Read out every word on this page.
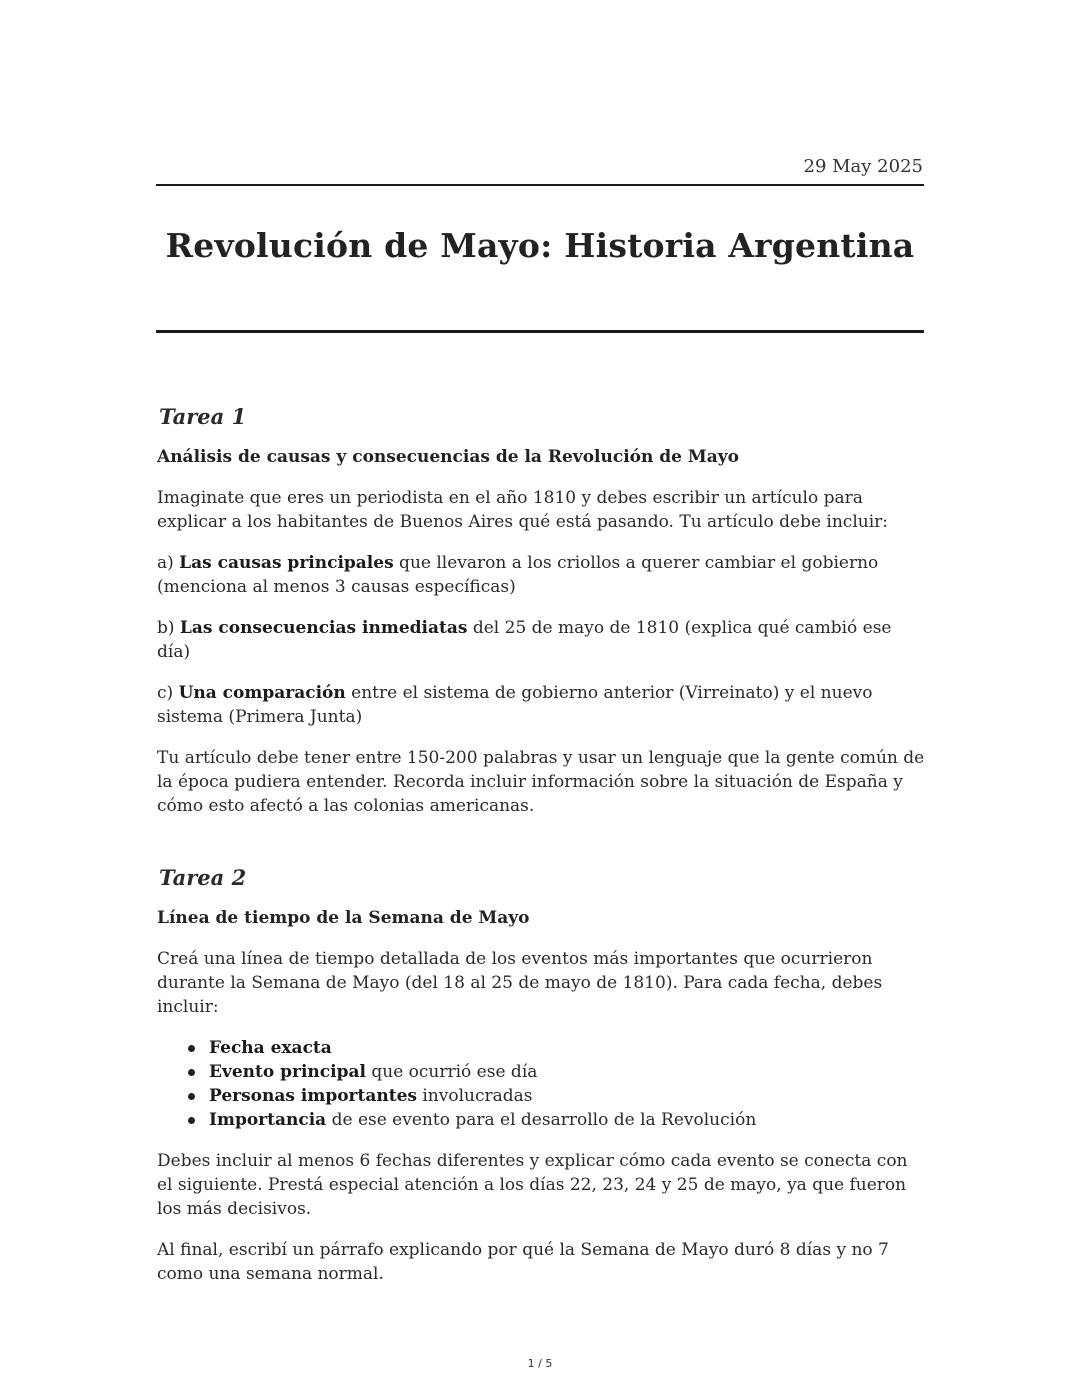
29 May 2025
Revolución de Mayo: Historia Argentina
Tarea 1
Análisis de causas y consecuencias de la Revolución de Mayo

Imaginate que eres un periodista en el año 1810 y debes escribir un artículo para explicar a los habitantes de Buenos Aires qué está pasando. Tu artículo debe incluir:

a) Las causas principales que llevaron a los criollos a querer cambiar el gobierno (menciona al menos 3 causas específicas)

b) Las consecuencias inmediatas del 25 de mayo de 1810 (explica qué cambió ese día)

c) Una comparación entre el sistema de gobierno anterior (Virreinato) y el nuevo sistema (Primera Junta)

Tu artículo debe tener entre 150-200 palabras y usar un lenguaje que la gente común de la época pudiera entender. Recorda incluir información sobre la situación de España y cómo esto afectó a las colonias americanas.

Tarea 2
Línea de tiempo de la Semana de Mayo

Creá una línea de tiempo detallada de los eventos más importantes que ocurrieron durante la Semana de Mayo (del 18 al 25 de mayo de 1810). Para cada fecha, debes incluir:

Fecha exacta
Evento principal que ocurrió ese día
Personas importantes involucradas
Importancia de ese evento para el desarrollo de la Revolución

Debes incluir al menos 6 fechas diferentes y explicar cómo cada evento se conecta con el siguiente. Prestá especial atención a los días 22, 23, 24 y 25 de mayo, ya que fueron los más decisivos.

Al final, escribí un párrafo explicando por qué la Semana de Mayo duró 8 días y no 7 como una semana normal.

1 / 5
